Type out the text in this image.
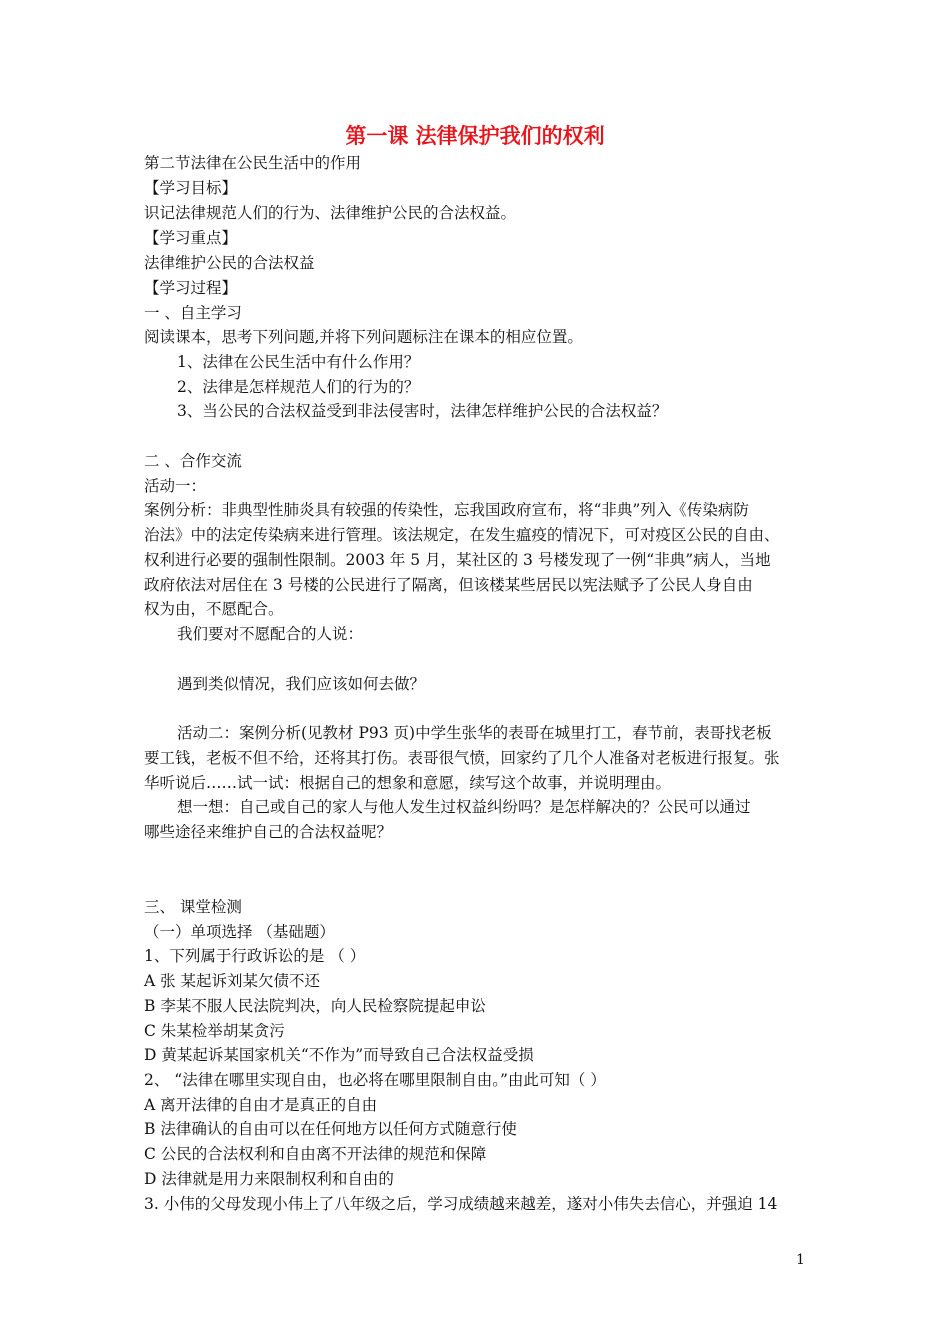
第一课 法律保护我们的权利
第二节法律在公民生活中的作用
【学习目标】
识记法律规范人们的行为、法律维护公民的合法权益。
【学习重点】
法律维护公民的合法权益
【学习过程】
一 、自主学习
阅读课本，思考下列问题,并将下列问题标注在课本的相应位置。
1、法律在公民生活中有什么作用？
2、法律是怎样规范人们的行为的？
3、当公民的合法权益受到非法侵害时，法律怎样维护公民的合法权益？
二 、合作交流
活动一：
案例分析：非典型性肺炎具有较强的传染性，忘我国政府宣布，将“非典”列入《传染病防
治法》中的法定传染病来进行管理。该法规定，在发生瘟疫的情况下，可对疫区公民的自由、
权利进行必要的强制性限制。2003 年 5 月，某社区的 3 号楼发现了一例“非典”病人，当地
政府依法对居住在 3 号楼的公民进行了隔离，但该楼某些居民以宪法赋予了公民人身自由
权为由，不愿配合。
我们要对不愿配合的人说：
遇到类似情况，我们应该如何去做？
活动二：案例分析(见教材 P93 页)中学生张华的表哥在城里打工，春节前，表哥找老板
要工钱，老板不但不给，还将其打伤。表哥很气愤，回家约了几个人准备对老板进行报复。张
华听说后……试一试：根据自己的想象和意愿，续写这个故事，并说明理由。
想一想：自己或自己的家人与他人发生过权益纠纷吗？是怎样解决的？公民可以通过
哪些途径来维护自己的合法权益呢？
三、 课堂检测
（一）单项选择 （基础题）
1、下列属于行政诉讼的是 （ ）
A 张 某起诉刘某欠债不还
B 李某不服人民法院判决，向人民检察院提起申讼
C 朱某检举胡某贪污
D 黄某起诉某国家机关“不作为”而导致自己合法权益受损
2、 “法律在哪里实现自由，也必将在哪里限制自由。”由此可知（ ）
A 离开法律的自由才是真正的自由
B 法律确认的自由可以在任何地方以任何方式随意行使
C 公民的合法权利和自由离不开法律的规范和保障
D 法律就是用力来限制权利和自由的
3. 小伟的父母发现小伟上了八年级之后，学习成绩越来越差，遂对小伟失去信心，并强迫 14
1
